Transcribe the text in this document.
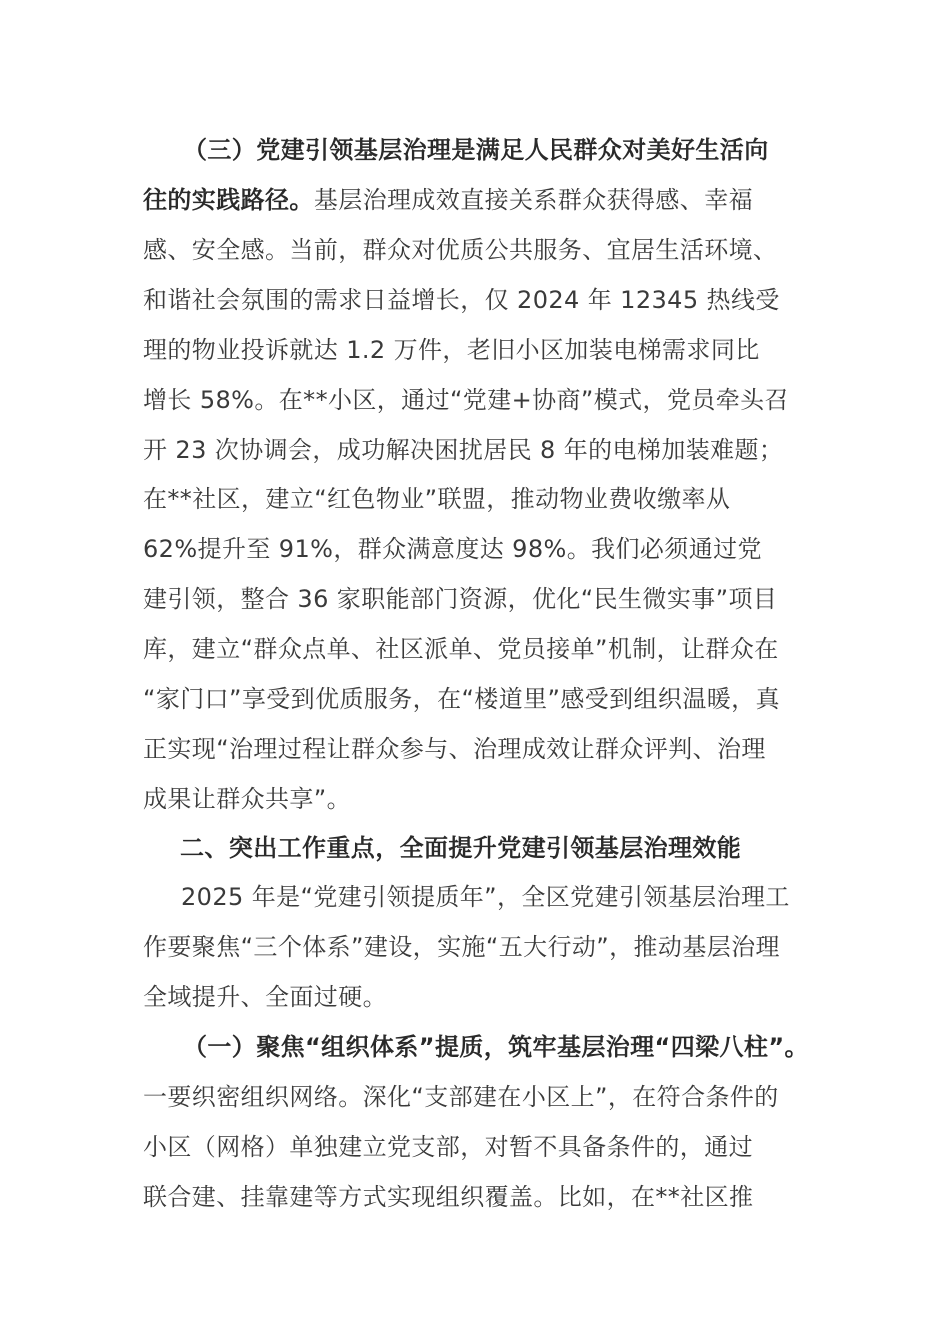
（三）党建引领基层治理是满足人民群众对美好生活向
往的实践路径。基层治理成效直接关系群众获得感、幸福
感、安全感。当前，群众对优质公共服务、宜居生活环境、
和谐社会氛围的需求日益增长，仅 2024 年 12345 热线受
理的物业投诉就达 1.2 万件，老旧小区加装电梯需求同比
增长 58%。在**小区，通过“党建+协商”模式，党员牵头召
开 23 次协调会，成功解决困扰居民 8 年的电梯加装难题；
在**社区，建立“红色物业”联盟，推动物业费收缴率从
62%提升至 91%，群众满意度达 98%。我们必须通过党
建引领，整合 36 家职能部门资源，优化“民生微实事”项目
库，建立“群众点单、社区派单、党员接单”机制，让群众在
“家门口”享受到优质服务，在“楼道里”感受到组织温暖，真
正实现“治理过程让群众参与、治理成效让群众评判、治理
成果让群众共享”。
二、突出工作重点，全面提升党建引领基层治理效能
2025 年是“党建引领提质年”，全区党建引领基层治理工
作要聚焦“三个体系”建设，实施“五大行动”，推动基层治理
全域提升、全面过硬。
（一）聚焦“组织体系”提质，筑牢基层治理“四梁八柱”。
一要织密组织网络。深化“支部建在小区上”，在符合条件的
小区（网格）单独建立党支部，对暂不具备条件的，通过
联合建、挂靠建等方式实现组织覆盖。比如，在**社区推
